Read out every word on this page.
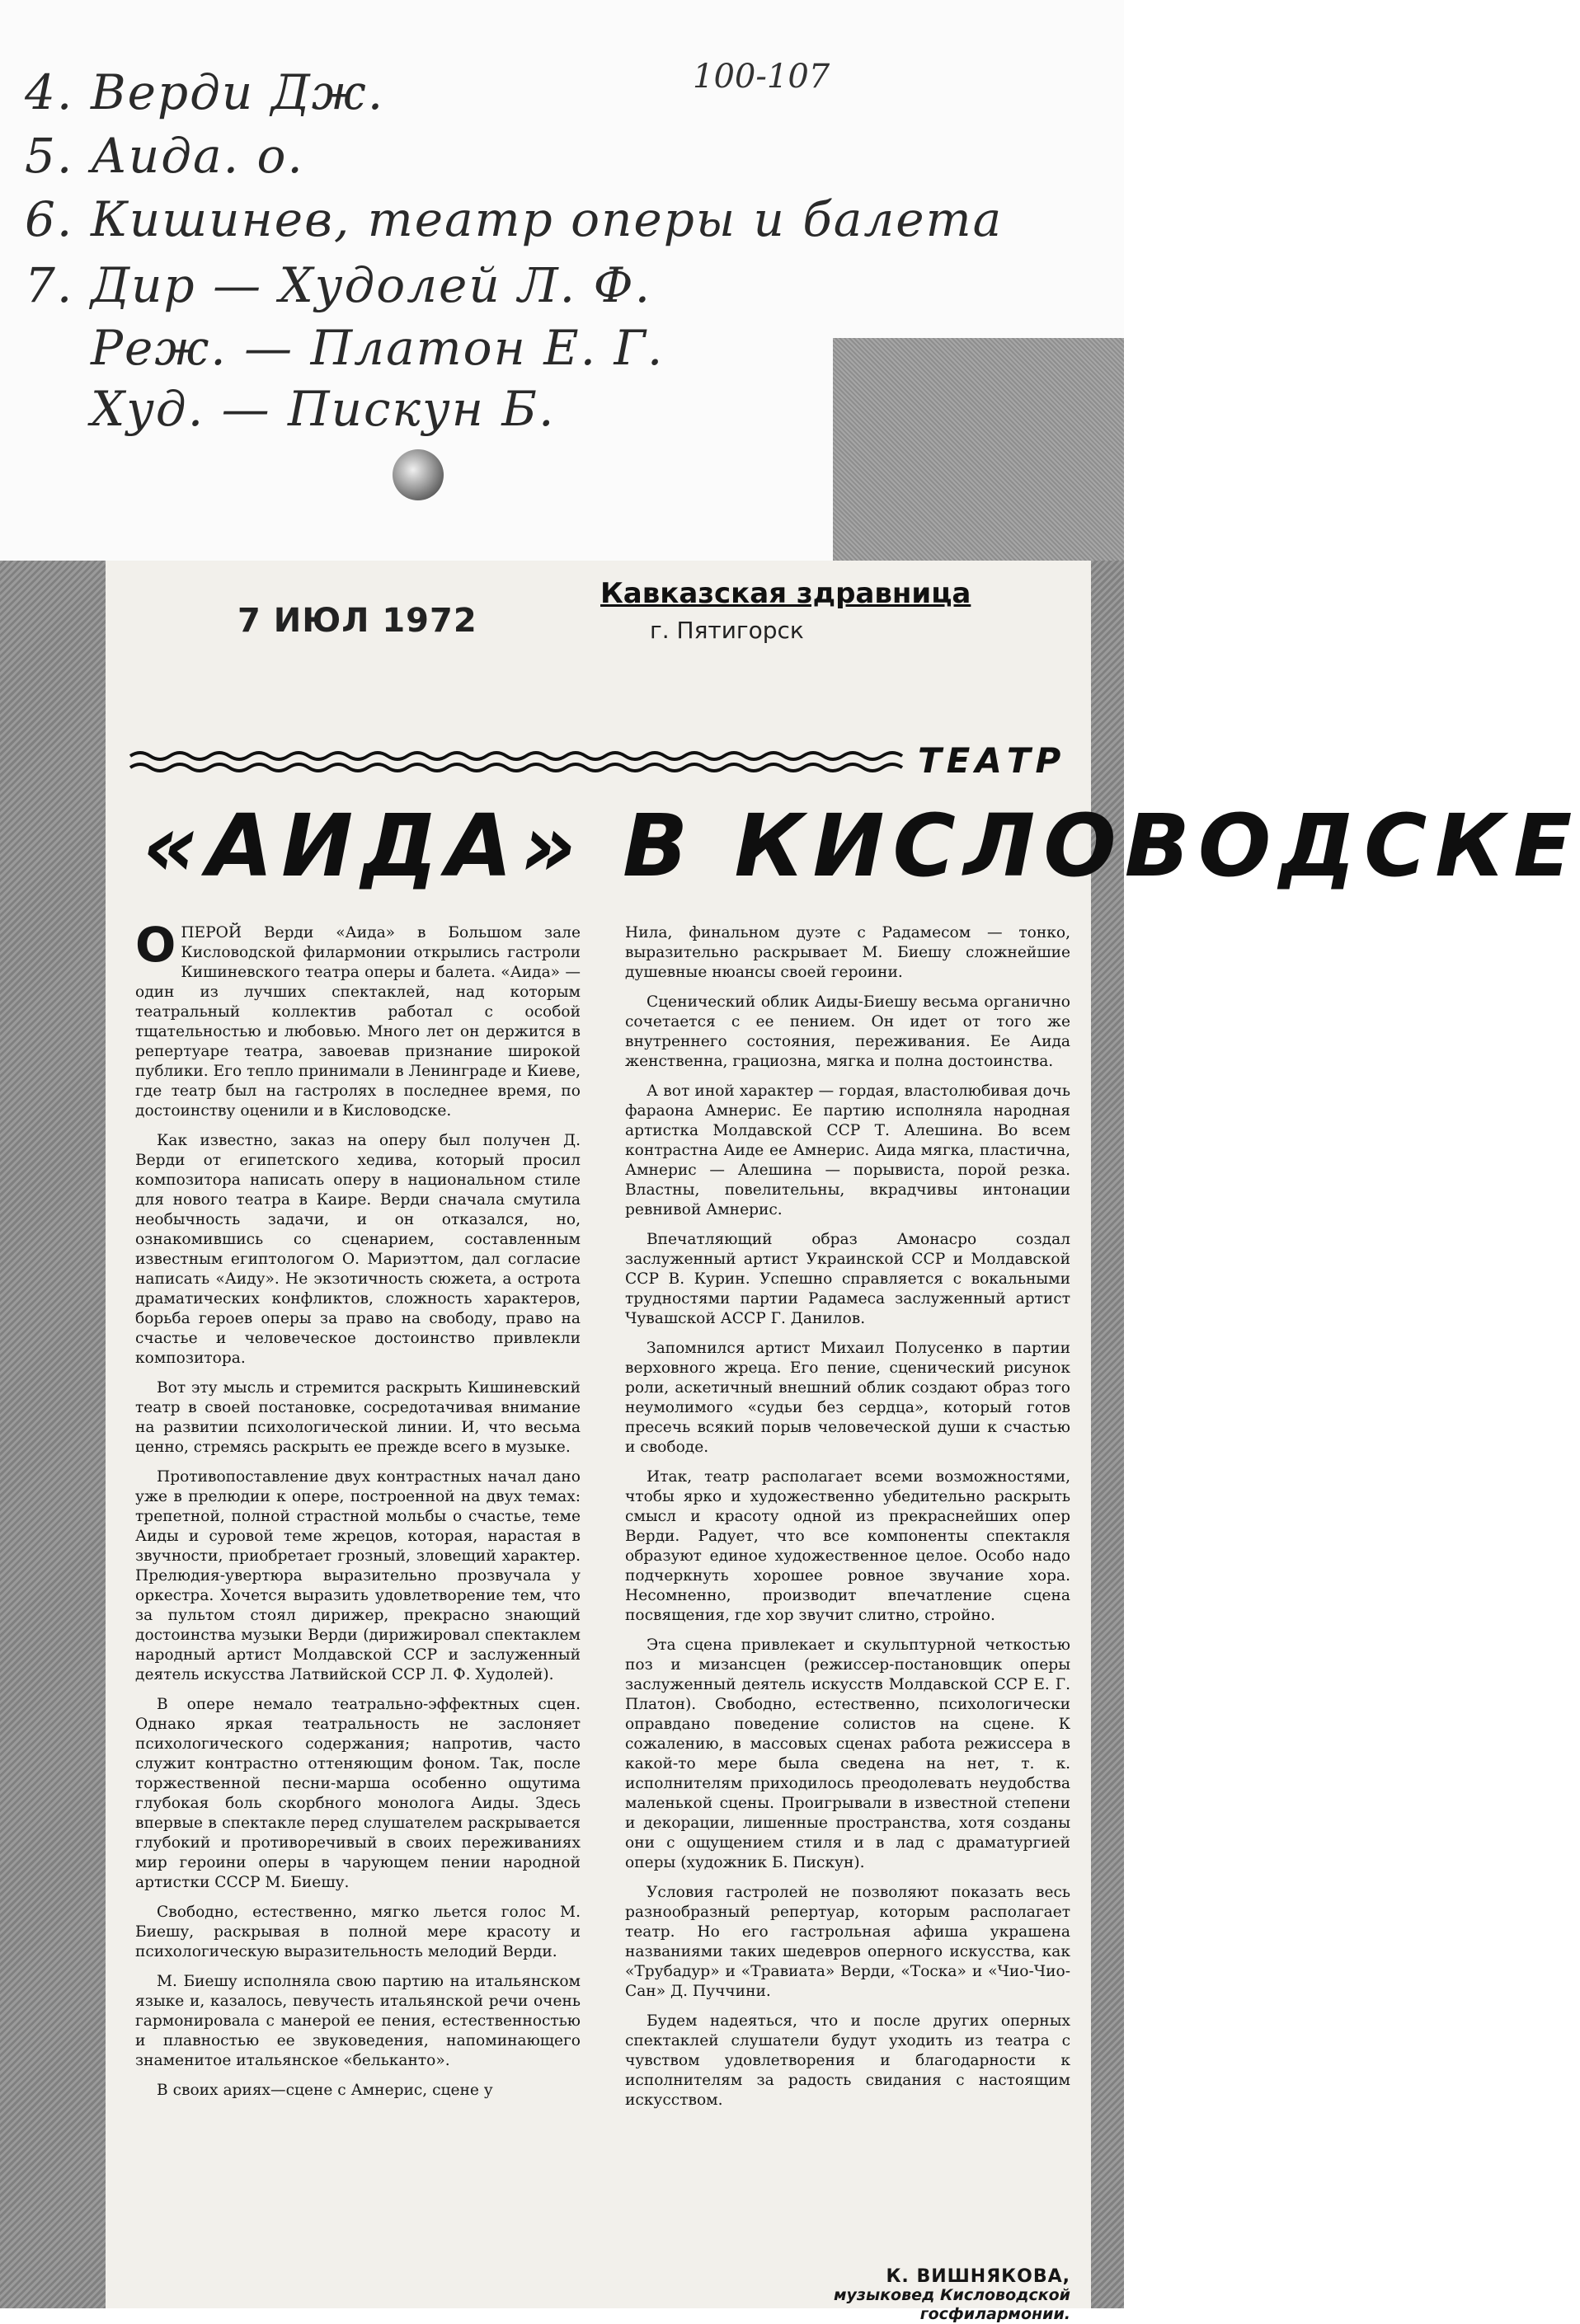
4. Верди Дж.
5. Аида. о.
6. Кишинев, театр оперы и балета
7. Дир — Худолей Л. Ф.
Реж. — Платон Е. Г.
Худ. — Пискун Б.
100-107
7 ИЮЛ 1972
Кавказская здравница
г. Пятигорск
ТЕАТР
«АИДА» В КИСЛОВОДСКЕ

ОПЕРОЙ Верди «Аида» в Большом зале Кисловодской филармонии открылись гастроли Кишиневского театра оперы и балета. «Аида» — один из лучших спектаклей, над которым театральный коллектив работал с особой тщательностью и любовью. Много лет он держится в репертуаре театра, завоевав признание широкой публики. Его тепло принимали в Ленинграде и Киеве, где театр был на гастролях в последнее время, по достоинству оценили и в Кисловодске.

Как известно, заказ на оперу был получен Д. Верди от египетского хедива, который просил композитора написать оперу в национальном стиле для нового театра в Каире. Верди сначала смутила необычность задачи, и он отказался, но, ознакомившись со сценарием, составленным известным египтологом О. Мариэттом, дал согласие написать «Аиду». Не экзотичность сюжета, а острота драматических конфликтов, сложность характеров, борьба героев оперы за право на свободу, право на счастье и человеческое достоинство привлекли композитора.

Вот эту мысль и стремится раскрыть Кишиневский театр в своей постановке, сосредотачивая внимание на развитии психологической линии. И, что весьма ценно, стремясь раскрыть ее прежде всего в музыке.

Противопоставление двух контрастных начал дано уже в прелюдии к опере, построенной на двух темах: трепетной, полной страстной мольбы о счастье, теме Аиды и суровой теме жрецов, которая, нарастая в звучности, приобретает грозный, зловещий характер. Прелюдия-увертюра выразительно прозвучала у оркестра. Хочется выразить удовлетворение тем, что за пультом стоял дирижер, прекрасно знающий достоинства музыки Верди (дирижировал спектаклем народный артист Молдавской ССР и заслуженный деятель искусства Латвийской ССР Л. Ф. Худолей).

В опере немало театрально-эффектных сцен. Однако яркая театральность не заслоняет психологического содержания; напротив, часто служит контрастно оттеняющим фоном. Так, после торжественной песни-марша особенно ощутима глубокая боль скорбного монолога Аиды. Здесь впервые в спектакле перед слушателем раскрывается глубокий и противоречивый в своих переживаниях мир героини оперы в чарующем пении народной артистки СССР М. Биешу.

Свободно, естественно, мягко льется голос М. Биешу, раскрывая в полной мере красоту и психологическую выразительность мелодий Верди.

М. Биешу исполняла свою партию на итальянском языке и, казалось, певучесть итальянской речи очень гармонировала с манерой ее пения, естественностью и плавностью ее звуковедения, напоминающего знаменитое итальянское «бельканто».

В своих ариях—сцене с Амнерис, сцене у

Нила, финальном дуэте с Радамесом — тонко, выразительно раскрывает М. Биешу сложнейшие душевные нюансы своей героини.

Сценический облик Аиды-Биешу весьма органично сочетается с ее пением. Он идет от того же внутреннего состояния, переживания. Ее Аида женственна, грациозна, мягка и полна достоинства.

А вот иной характер — гордая, властолюбивая дочь фараона Амнерис. Ее партию исполняла народная артистка Молдавской ССР Т. Алешина. Во всем контрастна Аиде ее Амнерис. Аида мягка, пластична, Амнерис — Алешина — порывиста, порой резка. Властны, повелительны, вкрадчивы интонации ревнивой Амнерис.

Впечатляющий образ Амонасро создал заслуженный артист Украинской ССР и Молдавской ССР В. Курин. Успешно справляется с вокальными трудностями партии Радамеса заслуженный артист Чувашской АССР Г. Данилов.

Запомнился артист Михаил Полусенко в партии верховного жреца. Его пение, сценический рисунок роли, аскетичный внешний облик создают образ того неумолимого «судьи без сердца», который готов пресечь всякий порыв человеческой души к счастью и свободе.

Итак, театр располагает всеми возможностями, чтобы ярко и художественно убедительно раскрыть смысл и красоту одной из прекраснейших опер Верди. Радует, что все компоненты спектакля образуют единое художественное целое. Особо надо подчеркнуть хорошее ровное звучание хора. Несомненно, производит впечатление сцена посвящения, где хор звучит слитно, стройно.

Эта сцена привлекает и скульптурной четкостью поз и мизансцен (режиссер-постановщик оперы заслуженный деятель искусств Молдавской ССР Е. Г. Платон). Свободно, естественно, психологически оправдано поведение солистов на сцене. К сожалению, в массовых сценах работа режиссера в какой-то мере была сведена на нет, т. к. исполнителям приходилось преодолевать неудобства маленькой сцены. Проигрывали в известной степени и декорации, лишенные пространства, хотя созданы они с ощущением стиля и в лад с драматургией оперы (художник Б. Пискун).

Условия гастролей не позволяют показать весь разнообразный репертуар, которым располагает театр. Но его гастрольная афиша украшена названиями таких шедевров оперного искусства, как «Трубадур» и «Травиата» Верди, «Тоска» и «Чио-Чио-Сан» Д. Пуччини.

Будем надеяться, что и после других оперных спектаклей слушатели будут уходить из театра с чувством удовлетворения и благодарности к исполнителям за радость свидания с настоящим искусством.

К. ВИШНЯКОВА,
музыковед Кисловодской
госфилармонии.
